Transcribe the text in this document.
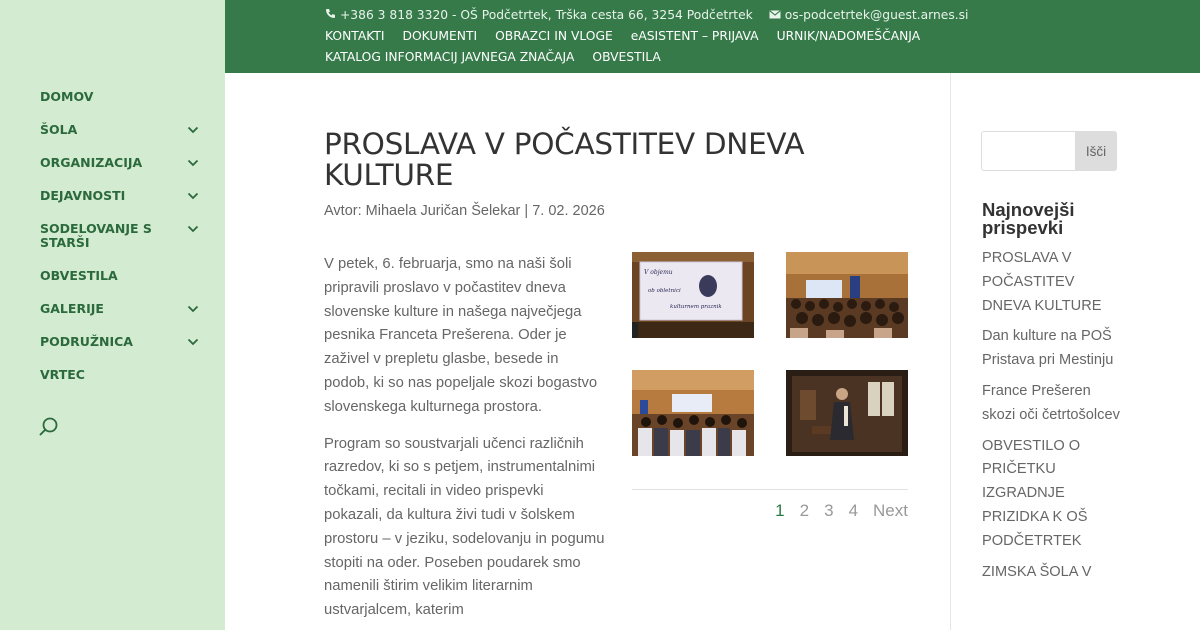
DOMOV
ŠOLA
ORGANIZACIJA
DEJAVNOSTI
SODELOVANJE S STARŠI
OBVESTILA
GALERIJE
PODRUŽNICA
VRTEC
+386 3 818 3320 - OŠ Podčetrtek, Trška cesta 66, 3254 Podčetrtek	os-podcetrtek@guest.arnes.si
KONTAKTI DOKUMENTI OBRAZCI IN VLOGE eASISTENT – PRIJAVA URNIK/NADOMEŠČANJA
KATALOG INFORMACIJ JAVNEGA ZNAČAJA OBVESTILA
PROSLAVA V POČASTITEV DNEVA KULTURE
Avtor: Mihaela Juričan Šelekar | 7. 02. 2026

V petek, 6. februarja, smo na naši šoli pripravili proslavo v počastitev dneva slovenske kulture in našega največjega pesnika Franceta Prešerena. Oder je zaživel v prepletu glasbe, besede in podob, ki so nas popeljale skozi bogastvo slovenskega kulturnega prostora.

Program so soustvarjali učenci različnih razredov, ki so s petjem, instrumentalnimi točkami, recitali in video prispevki pokazali, da kultura živi tudi v šolskem prostoru – v jeziku, sodelovanju in pogumu stopiti na oder. Poseben poudarek smo namenili štirim velikim literarnim ustvarjalcem, katerim

V objemu
ob obletnici
kulturnem praznik
1 2 3 4 Next
Išči
Najnovejši prispevki
PROSLAVA V POČASTITEV DNEVA KULTURE
Dan kulture na POŠ Pristava pri Mestinju
France Prešeren skozi oči četrtošolcev
OBVESTILO O PRIČETKU IZGRADNJE PRIZIDKA K OŠ PODČETRTEK
ZIMSKA ŠOLA V
